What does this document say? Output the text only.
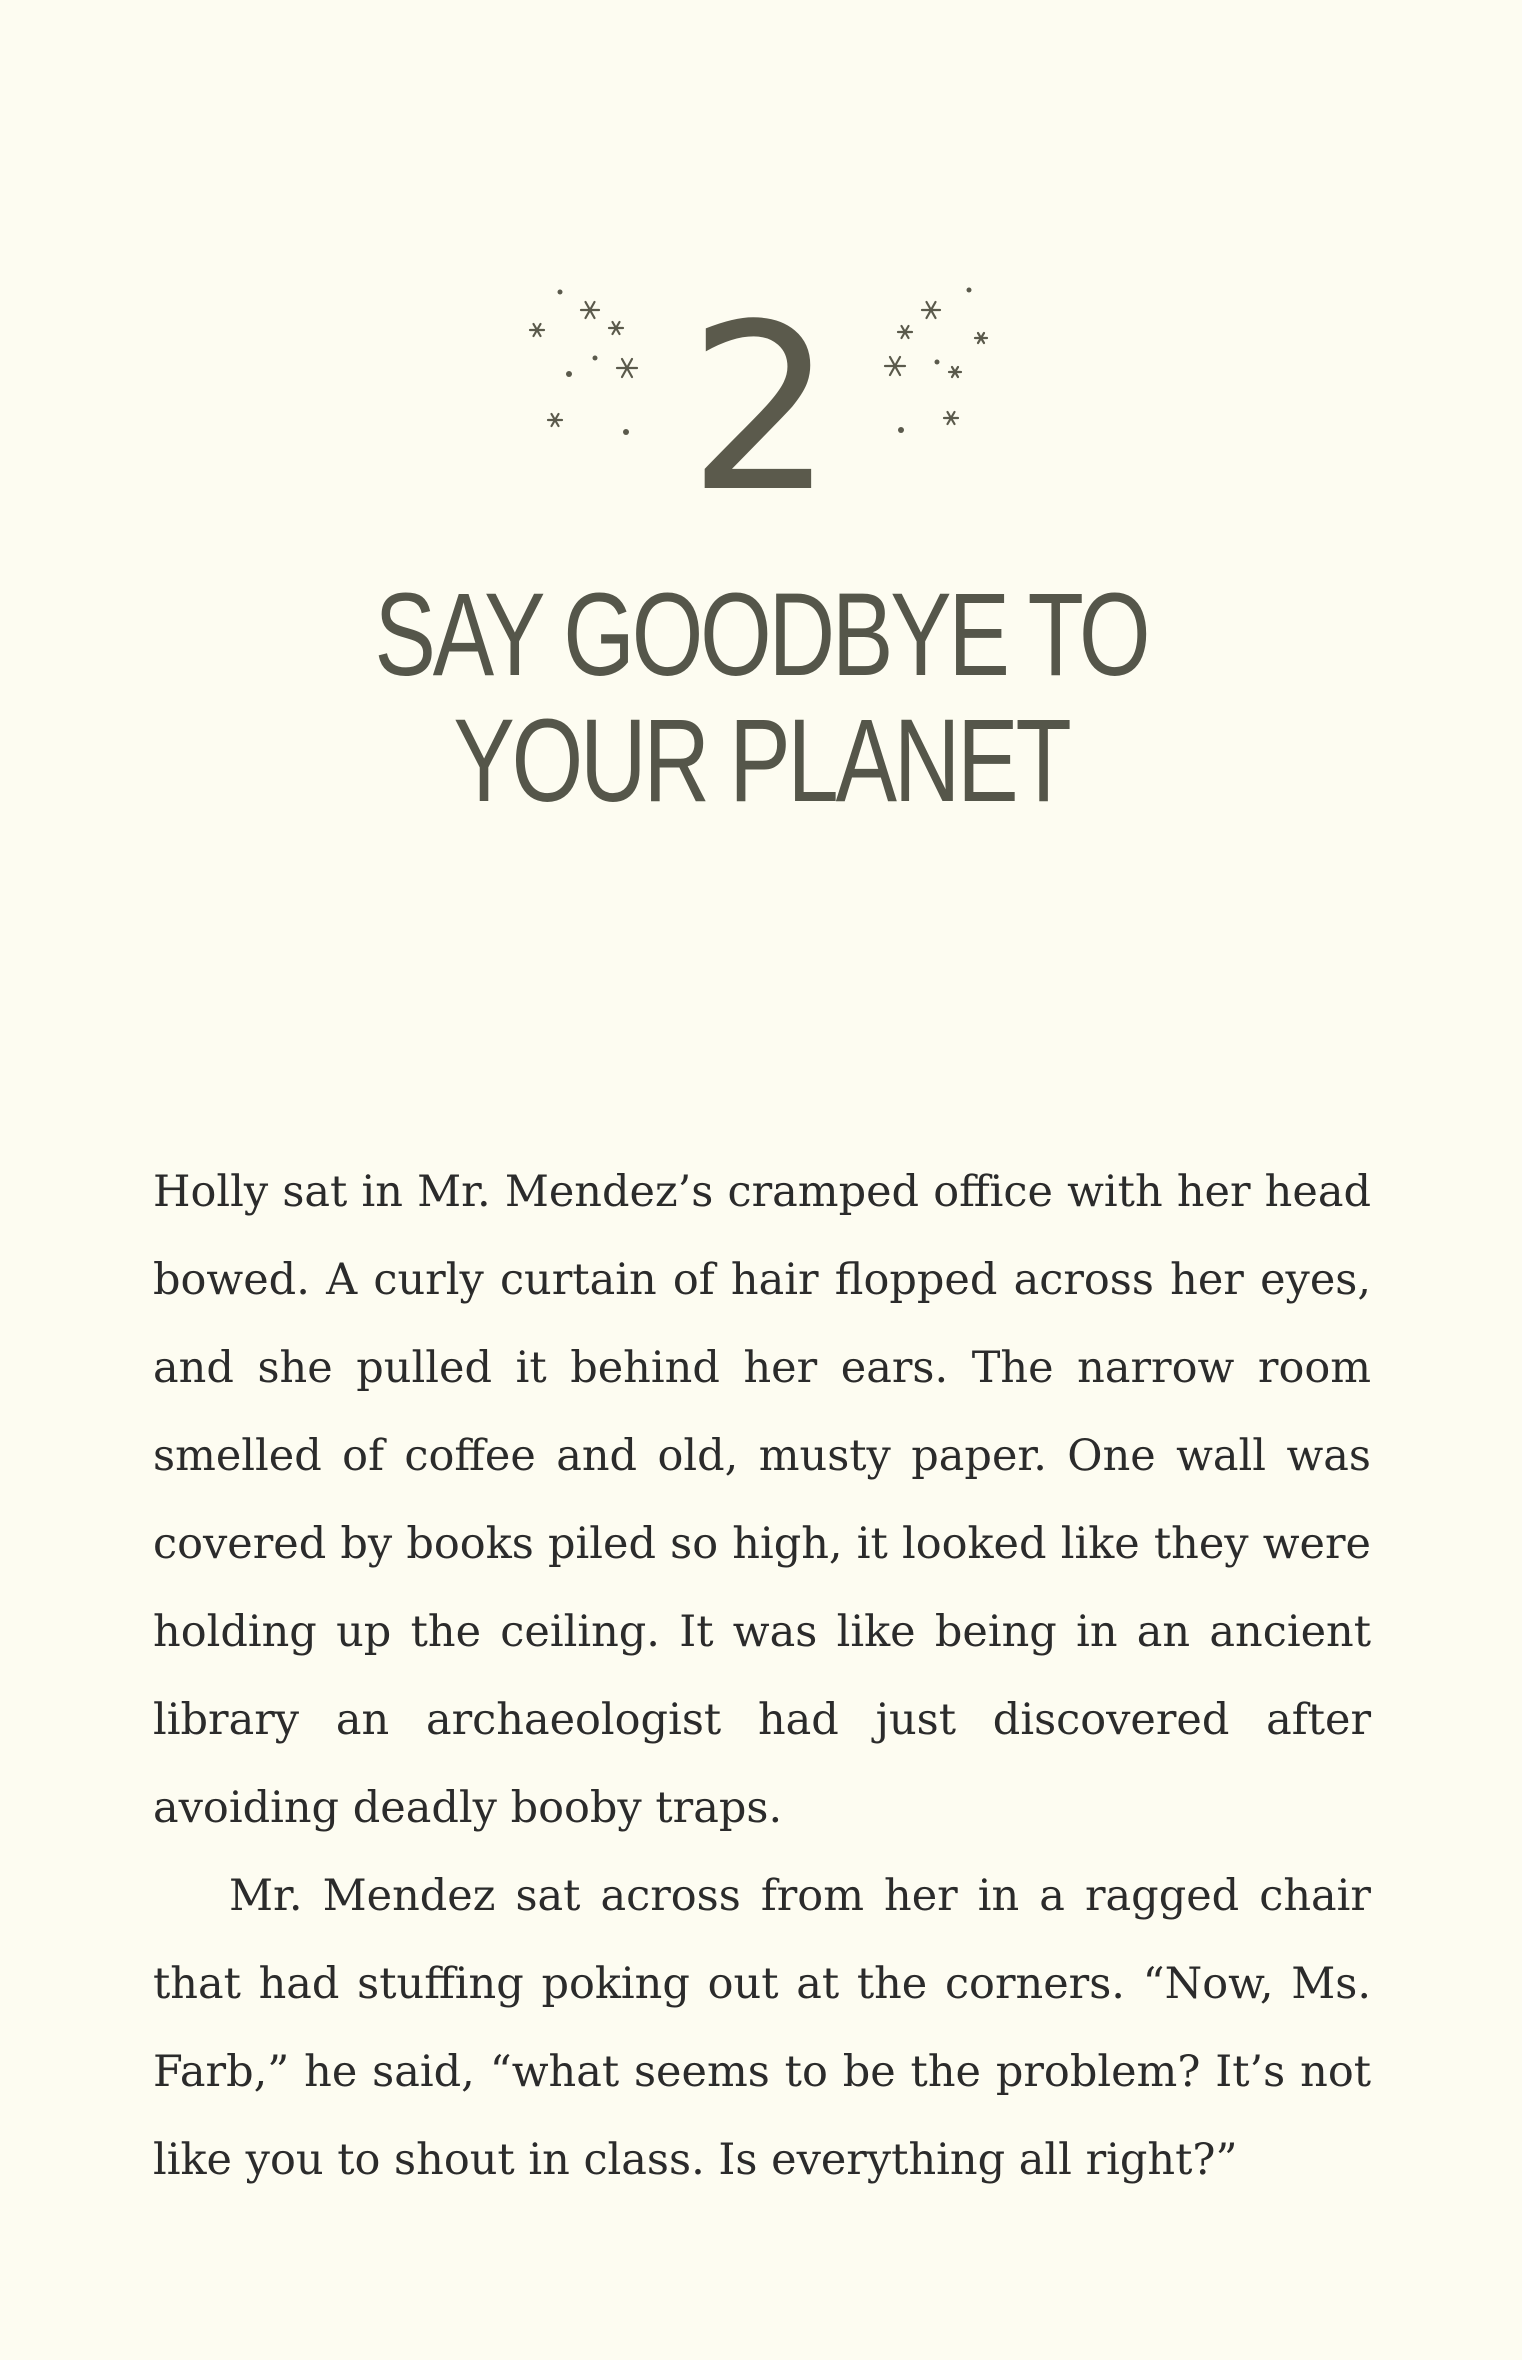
2
SAY GOODBYE TO
YOUR PLANET

Holly sat in Mr. Mendez’s cramped office with her head bowed. A curly curtain of hair flopped across her eyes, and she pulled it behind her ears. The narrow room smelled of coffee and old, musty paper. One wall was covered by books piled so high, it looked like they were holding up the ceiling. It was like being in an ancient library an archaeologist had just discovered after avoiding deadly booby traps.

Mr. Mendez sat across from her in a ragged chair that had stuffing poking out at the corners. “Now, Ms. Farb,” he said, “what seems to be the problem? It’s not like you to shout in class. Is everything all right?”
